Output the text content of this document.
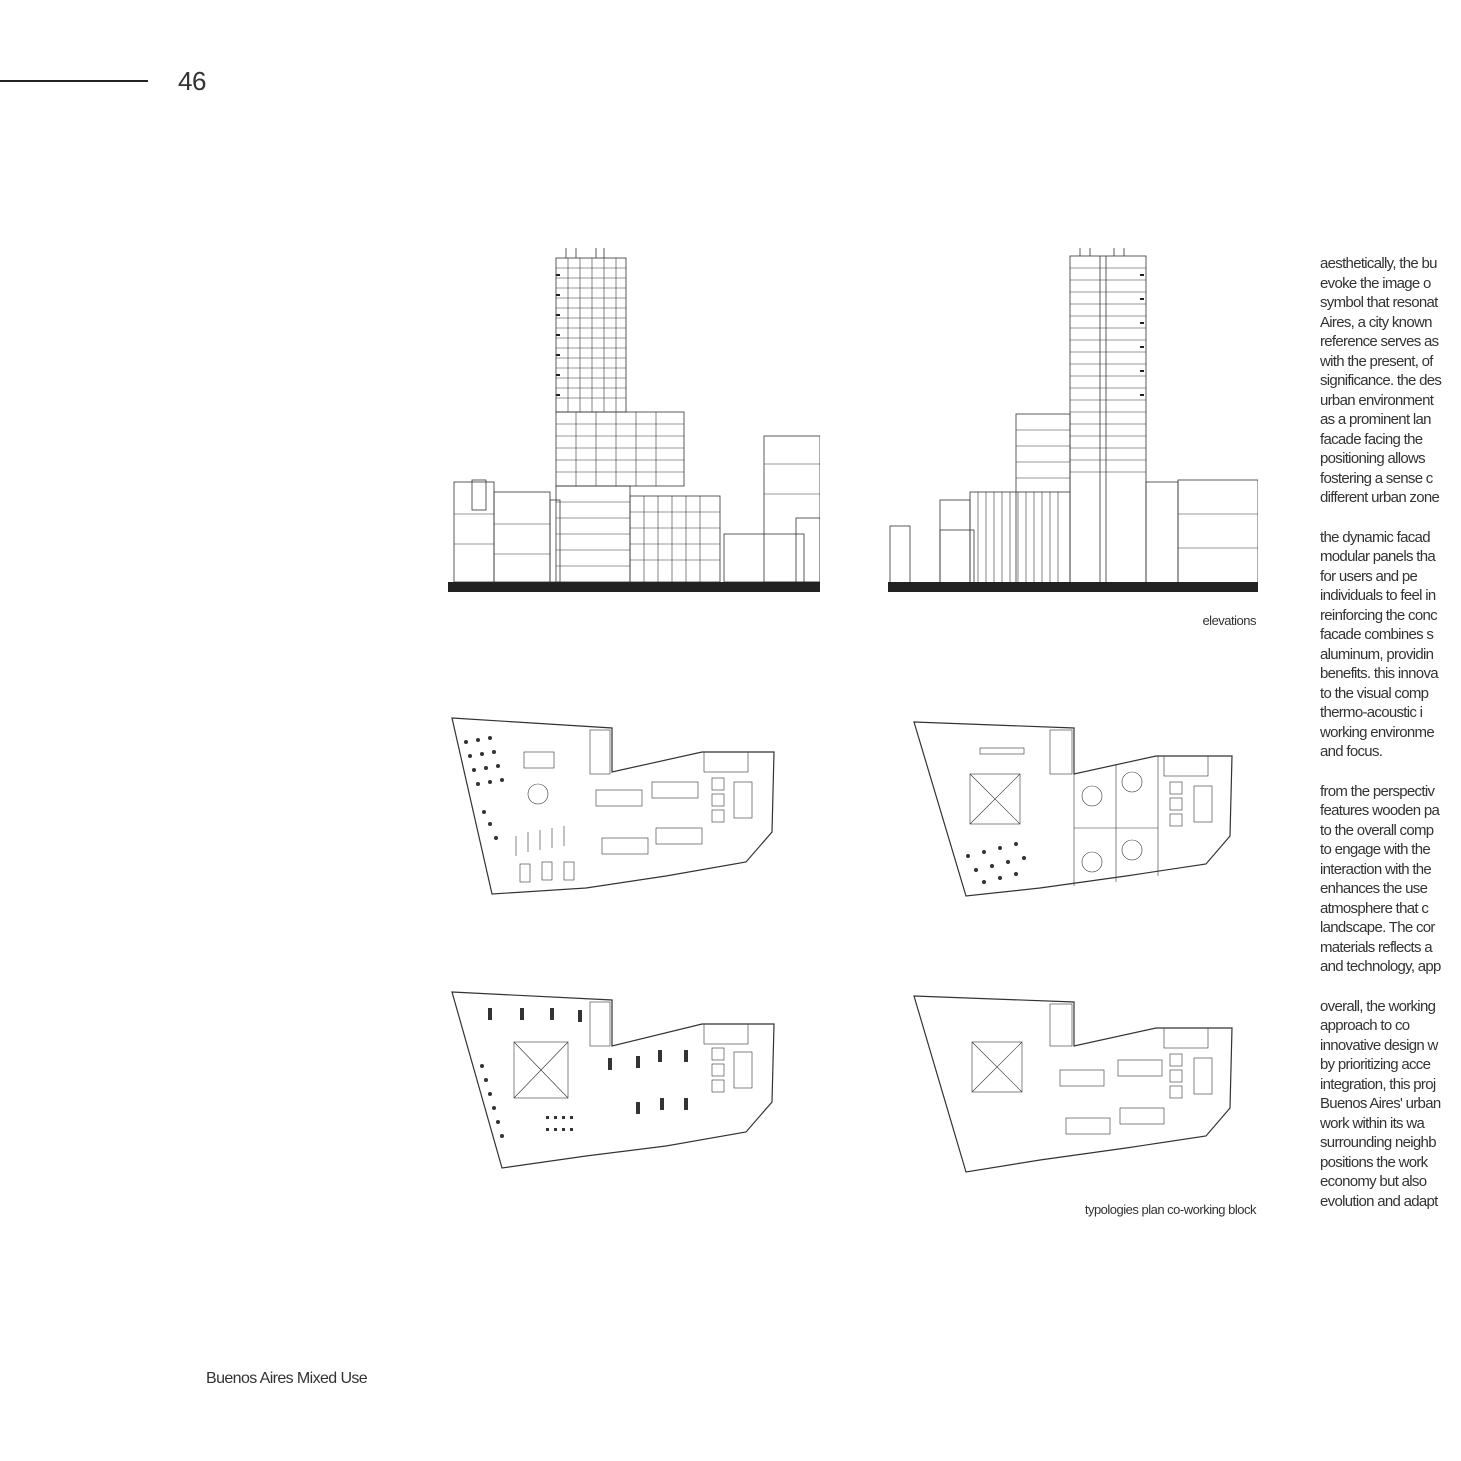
46
elevations
typologies plan co-working block
aesthetically, the bu
evoke the image o
symbol that resonat
Aires, a city known
reference serves as
with the present, of
significance. the des
urban environment
as a prominent lan
facade facing the
positioning allows
fostering a sense c
different urban zone
the dynamic facad
modular panels tha
for users and pe
individuals to feel in
reinforcing the conc
facade combines s
aluminum, providin
benefits. this innova
to the visual comp
thermo-acoustic i
working environme
and focus.
from the perspectiv
features wooden pa
to the overall comp
to engage with the
interaction with the
enhances the use
atmosphere that c
landscape. The cor
materials reflects a
and technology, app
overall, the working
approach to co
innovative design w
by prioritizing acce
integration, this proj
Buenos Aires' urban
work within its wa
surrounding neighb
positions the work
economy but also
evolution and adapt
Buenos Aires Mixed Use
